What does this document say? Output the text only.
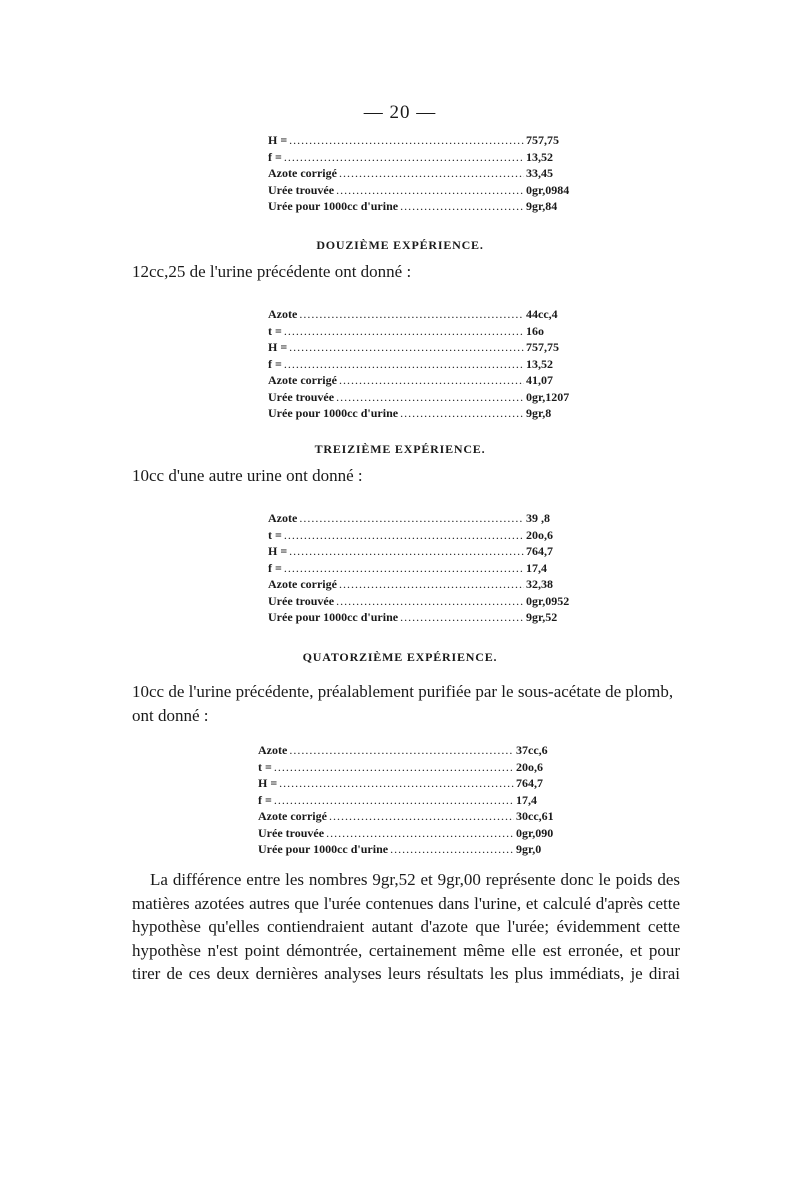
— 20 —
H = .....	757,75
f = .....	13,52
Azote corrigé .....	33,45
Urée trouvée .....	0gr,0984
Urée pour 1000cc d'urine .....	9gr,84
DOUZIÈME EXPÉRIENCE.
12cc,25 de l'urine précédente ont donné :
Azote .....	44cc,4
t = .....	16o
H = .....	757,75
f = .....	13,52
Azote corrigé .....	41,07
Urée trouvée .....	0gr,1207
Urée pour 1000cc d'urine .....	9gr,8
TREIZIÈME EXPÉRIENCE.
10cc d'une autre urine ont donné :
Azote .....	39 ,8
t = .....	20o,6
H = .....	764,7
f = .....	17,4
Azote corrigé .....	32,38
Urée trouvée .....	0gr,0952
Urée pour 1000cc d'urine .....	9gr,52
QUATORZIÈME EXPÉRIENCE.
10cc de l'urine précédente, préalablement purifiée par le sous-acétate de plomb,
ont donné :
Azote .....	37cc,6
t = .....	20o,6
H = .....	764,7
f = .....	17,4
Azote corrigé .....	30cc,61
Urée trouvée .....	0gr,090
Urée pour 1000cc d'urine .....	9gr,0
La différence entre les nombres 9gr,52 et 9gr,00 représente donc le poids des
matières azotées autres que l'urée contenues dans l'urine, et calculé d'après cette
hypothèse qu'elles contiendraient autant d'azote que l'urée; évidemment cette
hypothèse n'est point démontrée, certainement même elle est erronée, et pour
tirer de ces deux dernières analyses leurs résultats les plus immédiats, je dirai
